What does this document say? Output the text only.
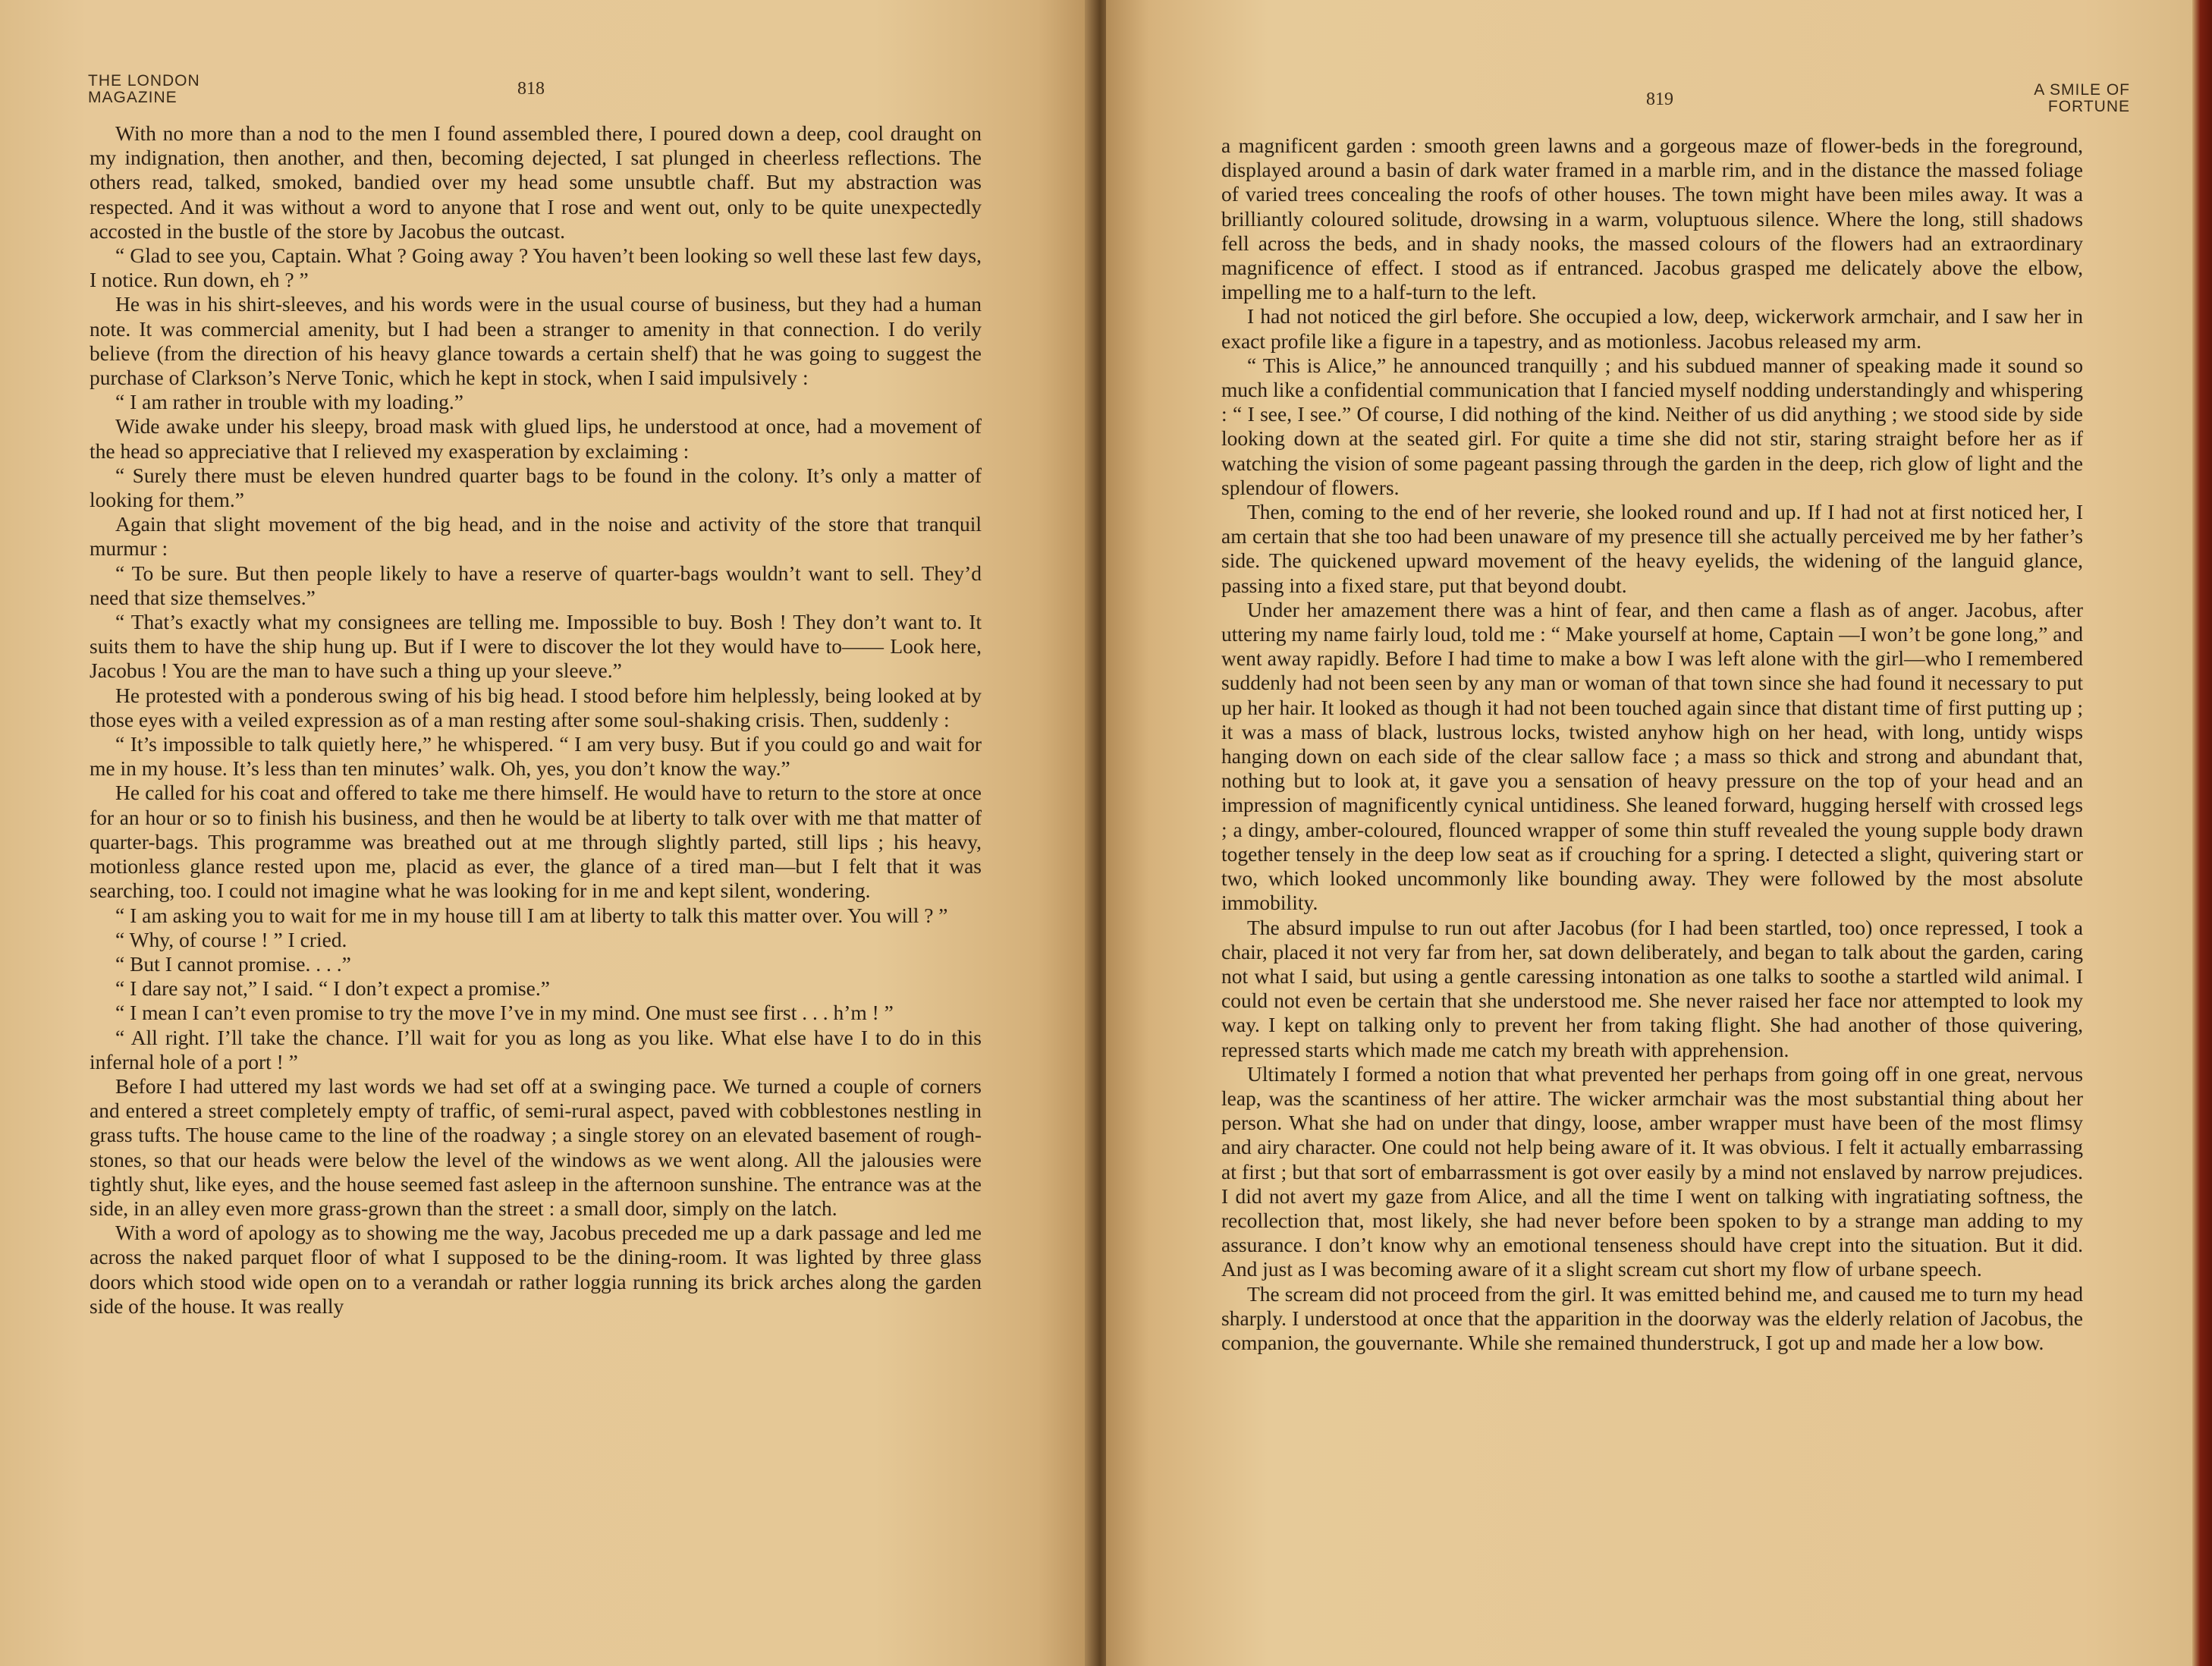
THE LONDON
MAGAZINE	818

With no more than a nod to the men I found assembled there, I poured down a deep, cool draught on my indignation, then another, and then, becoming dejected, I sat plunged in cheerless reflections. The others read, talked, smoked, bandied over my head some unsubtle chaff. But my abstraction was respected. And it was without a word to anyone that I rose and went out, only to be quite unexpectedly accosted in the bustle of the store by Jacobus the outcast.

“ Glad to see you, Captain. What ? Going away ? You haven’t been looking so well these last few days, I notice. Run down, eh ? ”

He was in his shirt-sleeves, and his words were in the usual course of business, but they had a human note. It was commercial amenity, but I had been a stranger to amenity in that connection. I do verily believe (from the direction of his heavy glance towards a certain shelf) that he was going to suggest the purchase of Clarkson’s Nerve Tonic, which he kept in stock, when I said impulsively :

“ I am rather in trouble with my loading.”

Wide awake under his sleepy, broad mask with glued lips, he understood at once, had a movement of the head so appreciative that I relieved my exasperation by exclaiming :

“ Surely there must be eleven hundred quarter bags to be found in the colony. It’s only a matter of looking for them.”

Again that slight movement of the big head, and in the noise and activity of the store that tranquil murmur :

“ To be sure. But then people likely to have a reserve of quarter-bags wouldn’t want to sell. They’d need that size themselves.”

“ That’s exactly what my consignees are telling me. Impossible to buy. Bosh ! They don’t want to. It suits them to have the ship hung up. But if I were to discover the lot they would have to—— Look here, Jacobus ! You are the man to have such a thing up your sleeve.”

He protested with a ponderous swing of his big head. I stood before him helplessly, being looked at by those eyes with a veiled expression as of a man resting after some soul-shaking crisis. Then, suddenly :

“ It’s impossible to talk quietly here,” he whispered. “ I am very busy. But if you could go and wait for me in my house. It’s less than ten minutes’ walk. Oh, yes, you don’t know the way.”

He called for his coat and offered to take me there himself. He would have to return to the store at once for an hour or so to finish his business, and then he would be at liberty to talk over with me that matter of quarter-bags. This programme was breathed out at me through slightly parted, still lips ; his heavy, motionless glance rested upon me, placid as ever, the glance of a tired man—but I felt that it was searching, too. I could not imagine what he was looking for in me and kept silent, wondering.

“ I am asking you to wait for me in my house till I am at liberty to talk this matter over. You will ? ”

“ Why, of course ! ” I cried.

“ But I cannot promise. . . .”

“ I dare say not,” I said. “ I don’t expect a promise.”

“ I mean I can’t even promise to try the move I’ve in my mind. One must see first . . . h’m ! ”

“ All right. I’ll take the chance. I’ll wait for you as long as you like. What else have I to do in this infernal hole of a port ! ”

Before I had uttered my last words we had set off at a swinging pace. We turned a couple of corners and entered a street completely empty of traffic, of semi-rural aspect, paved with cobblestones nestling in grass tufts. The house came to the line of the roadway ; a single storey on an elevated basement of rough-stones, so that our heads were below the level of the windows as we went along. All the jalousies were tightly shut, like eyes, and the house seemed fast asleep in the afternoon sunshine. The entrance was at the side, in an alley even more grass-grown than the street : a small door, simply on the latch.

With a word of apology as to showing me the way, Jacobus preceded me up a dark passage and led me across the naked parquet floor of what I supposed to be the dining-room. It was lighted by three glass doors which stood wide open on to a verandah or rather loggia running its brick arches along the garden side of the house. It was really

A SMILE OF
FORTUNE
819

a magnificent garden : smooth green lawns and a gorgeous maze of flower-beds in the foreground, displayed around a basin of dark water framed in a marble rim, and in the distance the massed foliage of varied trees concealing the roofs of other houses. The town might have been miles away. It was a brilliantly coloured solitude, drowsing in a warm, voluptuous silence. Where the long, still shadows fell across the beds, and in shady nooks, the massed colours of the flowers had an extraordinary magnificence of effect. I stood as if entranced. Jacobus grasped me delicately above the elbow, impelling me to a half-turn to the left.

I had not noticed the girl before. She occupied a low, deep, wickerwork armchair, and I saw her in exact profile like a figure in a tapestry, and as motionless. Jacobus released my arm.

“ This is Alice,” he announced tranquilly ; and his subdued manner of speaking made it sound so much like a confidential communication that I fancied myself nodding understandingly and whispering : “ I see, I see.” Of course, I did nothing of the kind. Neither of us did anything ; we stood side by side looking down at the seated girl. For quite a time she did not stir, staring straight before her as if watching the vision of some pageant passing through the garden in the deep, rich glow of light and the splendour of flowers.

Then, coming to the end of her reverie, she looked round and up. If I had not at first noticed her, I am certain that she too had been unaware of my presence till she actually perceived me by her father’s side. The quickened upward movement of the heavy eyelids, the widening of the languid glance, passing into a fixed stare, put that beyond doubt.

Under her amazement there was a hint of fear, and then came a flash as of anger. Jacobus, after uttering my name fairly loud, told me : “ Make yourself at home, Captain —I won’t be gone long,” and went away rapidly. Before I had time to make a bow I was left alone with the girl—who I remembered suddenly had not been seen by any man or woman of that town since she had found it necessary to put up her hair. It looked as though it had not been touched again since that distant time of first putting up ; it was a mass of black, lustrous locks, twisted anyhow high on her head, with long, untidy wisps hanging down on each side of the clear sallow face ; a mass so thick and strong and abundant that, nothing but to look at, it gave you a sensation of heavy pressure on the top of your head and an impression of magnificently cynical untidiness. She leaned forward, hugging herself with crossed legs ; a dingy, amber-coloured, flounced wrapper of some thin stuff revealed the young supple body drawn together tensely in the deep low seat as if crouching for a spring. I detected a slight, quivering start or two, which looked uncommonly like bounding away. They were followed by the most absolute immobility.

The absurd impulse to run out after Jacobus (for I had been startled, too) once repressed, I took a chair, placed it not very far from her, sat down deliberately, and began to talk about the garden, caring not what I said, but using a gentle caressing intonation as one talks to soothe a startled wild animal. I could not even be certain that she understood me. She never raised her face nor attempted to look my way. I kept on talking only to prevent her from taking flight. She had another of those quivering, repressed starts which made me catch my breath with apprehension.

Ultimately I formed a notion that what prevented her perhaps from going off in one great, nervous leap, was the scantiness of her attire. The wicker armchair was the most substantial thing about her person. What she had on under that dingy, loose, amber wrapper must have been of the most flimsy and airy character. One could not help being aware of it. It was obvious. I felt it actually embarrassing at first ; but that sort of embarrassment is got over easily by a mind not enslaved by narrow prejudices. I did not avert my gaze from Alice, and all the time I went on talking with ingratiating softness, the recollection that, most likely, she had never before been spoken to by a strange man adding to my assurance. I don’t know why an emotional tenseness should have crept into the situation. But it did. And just as I was becoming aware of it a slight scream cut short my flow of urbane speech.

The scream did not proceed from the girl. It was emitted behind me, and caused me to turn my head sharply. I understood at once that the apparition in the doorway was the elderly relation of Jacobus, the companion, the gouvernante. While she remained thunderstruck, I got up and made her a low bow.
